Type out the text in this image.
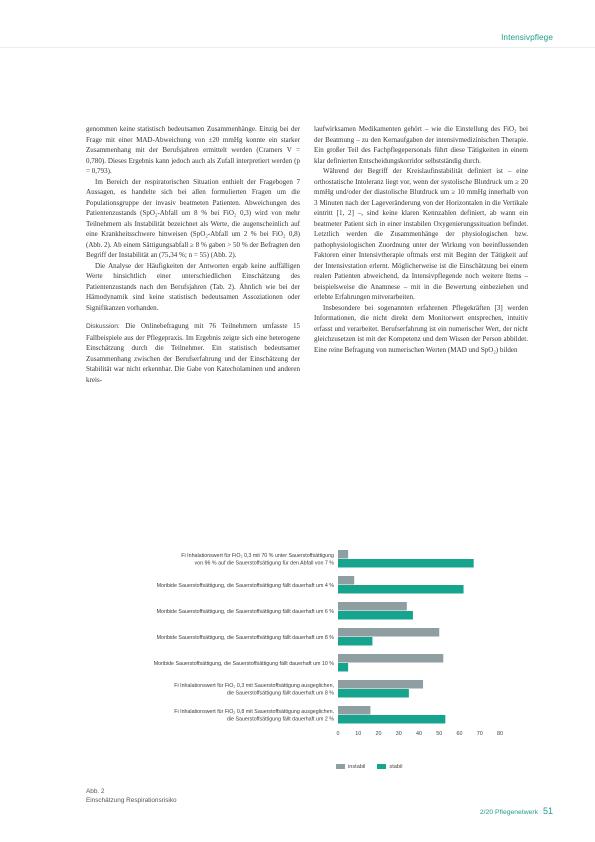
Intensivpflege

genommen keine statistisch bedeutsamen Zusammenhänge. Einzig bei der Frage mit einer MAD-Abweichung von ±20 mmHg konnte ein starker Zusammenhang mit der Berufsjahren ermittelt werden (Cramers V = 0,780). Dieses Ergebnis kann jedoch auch als Zufall interpretiert werden (p = 0,793).

Im Bereich der respiratorischen Situation enthielt der Fragebogen 7 Aussagen, es handelte sich bei allen formulierten Fragen um die Populationsgruppe der invasiv beatmeten Patienten. Abweichungen des Patientenzustands (SpO₂-Abfall um 8 % bei FiO₂ 0,3) wird von mehr Teilnehmern als Instabilität bezeichnet als Werte, die augenscheinlich auf eine Krankheitsschwere hinweisen (SpO₂-Abfall um 2 % bei FiO₂ 0,8) (Abb. 2). Ab einem Sättigungsabfall ≥ 8 % gaben > 50 % der Befragten den Begriff der Instabilität an (75,34 %; n = 55) (Abb. 2).

Die Analyse der Häufigkeiten der Antworten ergab keine auffälligen Werte hinsichtlich einer unterschiedlichen Einschätzung des Patientenzustands nach den Berufsjahren (Tab. 2). Ähnlich wie bei der Hämodynamik sind keine statistisch bedeutsamen Assoziationen oder Signifikanzen vorhanden.

Diskussion: Die Onlinebefragung mit 76 Teilnehmern umfasste 15 Fallbeispiele aus der Pflegepraxis. Im Ergebnis zeigte sich eine heterogene Einschätzung durch die Teilnehmer. Ein statistisch bedeutsamer Zusammenhang zwischen der Berufserfahrung und der Einschätzung der Stabilität war nicht erkennbar. Die Gabe von Katecholaminen und anderen kreis-

laufwirksamen Medikamenten gehört – wie die Einstellung des FiO₂ bei der Beatmung – zu den Kernaufgaben der intensivmedizinischen Therapie. Ein großer Teil des Fachpflegepersonals führt diese Tätigkeiten in einem klar definierten Entscheidungskorridor selbstständig durch.

Während der Begriff der Kreislaufinstabilität definiert ist – eine orthostatische Intoleranz liegt vor, wenn der systolische Blutdruck um ≥ 20 mmHg und/oder der diastolische Blutdruck um ≥ 10 mmHg innerhalb von 3 Minuten nach der Lageveränderung von der Horizontalen in die Vertikale eintritt [1, 2] –, sind keine klaren Kennzahlen definiert, ab wann ein beatmeter Patient sich in einer instabilen Oxygenierungssituation befindet. Letztlich werden die Zusammenhänge der physiologischen bzw. pathophysiologischen Zuordnung unter der Wirkung von beeinflussenden Faktoren einer Intensivtherapie oftmals erst mit Beginn der Tätigkeit auf der Intensivstation erlernt. Möglicherweise ist die Einschätzung bei einem realen Patienten abweichend, da Intensivpflegende noch weitere Items – beispielsweise die Anamnese – mit in die Bewertung einbeziehen und erlebte Erfahrungen mitverarbeiten.

Insbesondere bei sogenannten erfahrenen Pflegekräften [3] werden Informationen, die nicht direkt dem Monitorwert entsprechen, intuitiv erfasst und verarbeitet. Berufserfahrung ist ein numerischer Wert, der nicht gleichzusetzen ist mit der Kompetenz und dem Wissen der Person abbildet. Eine reine Befragung von numerischen Werten (MAD und SpO₂) bilden

Fi Inhalationswert für FiO₂ 0,3 mit 70 % unter Sauerstoffsättigung
von 96 % auf die Sauerstoffsättigung für den Abfall von 7 %
Moribide Sauerstoffsättigung, die Sauerstoffsättigung fällt dauerhaft um 4 %
Moribide Sauerstoffsättigung, die Sauerstoffsättigung fällt dauerhaft um 6 %
Moribide Sauerstoffsättigung, die Sauerstoffsättigung fällt dauerhaft um 8 %
Moribide Sauerstoffsättigung, die Sauerstoffsättigung fällt dauerhaft um 10 %
Fi Inhalationswert für FiO₂ 0,3 mit Sauerstoffsättigung ausgeglichen,
die Sauerstoffsättigung fällt dauerhaft um 8 %
Fi Inhalationswert für FiO₂ 0,8 mit Sauerstoffsättigung ausgeglichen,
die Sauerstoffsättigung fällt dauerhaft um 2 %
0	10	20	30	40	50	60	70	80
instabil	stabil
Abb. 2
Einschätzung Respirationsrisiko
2/20 Pflegenetwerk 51
